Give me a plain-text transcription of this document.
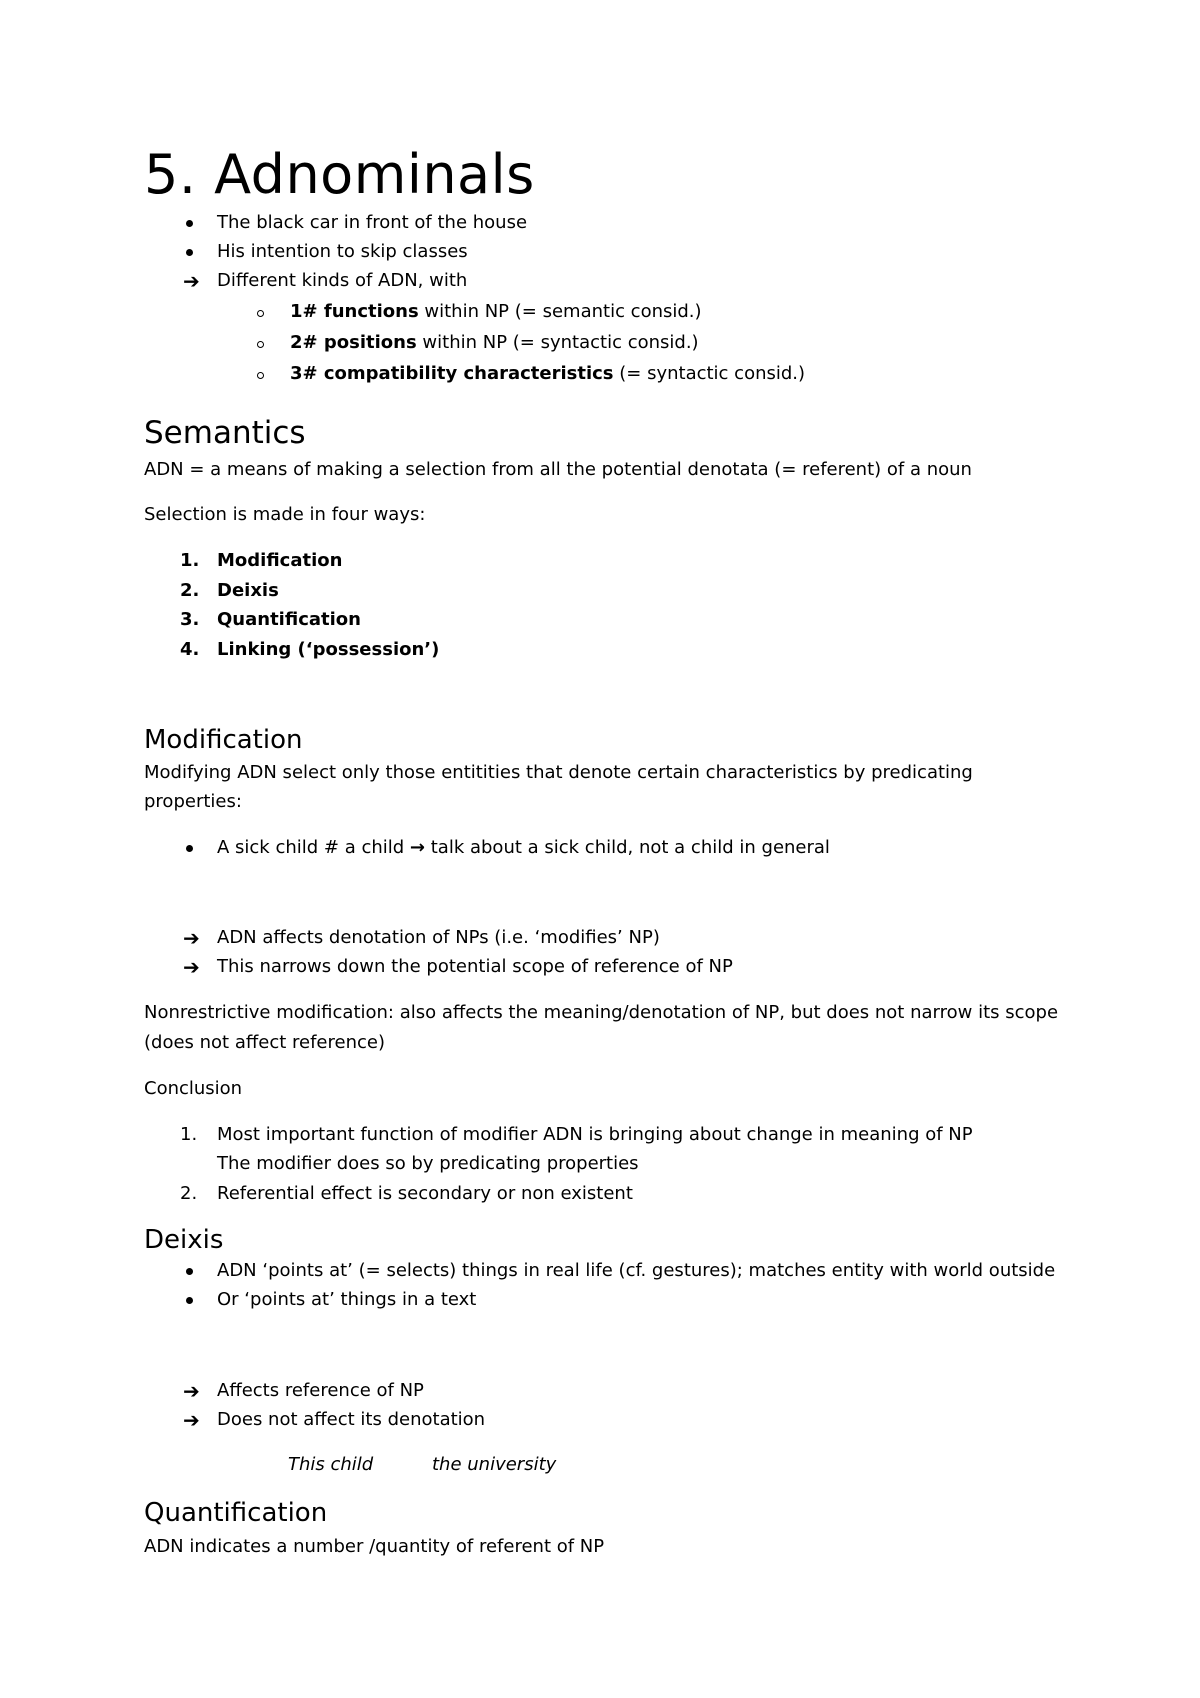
5. Adnominals
The black car in front of the house
His intention to skip classes
➔ Different kinds of ADN, with
1# functions within NP (= semantic consid.)
2# positions within NP (= syntactic consid.)
3# compatibility characteristics (= syntactic consid.)
Semantics
ADN = a means of making a selection from all the potential denotata (= referent) of a noun
Selection is made in four ways:
1. Modification
2. Deixis
3. Quantification
4. Linking (‘possession’)
Modification
Modifying ADN select only those entitities that denote certain characteristics by predicating
properties:
A sick child # a child → talk about a sick child, not a child in general
➔ ADN affects denotation of NPs (i.e. ‘modifies’ NP)
➔ This narrows down the potential scope of reference of NP
Nonrestrictive modification: also affects the meaning/denotation of NP, but does not narrow its scope
(does not affect reference)
Conclusion
1. Most important function of modifier ADN is bringing about change in meaning of NP
The modifier does so by predicating properties
2. Referential effect is secondary or non existent
Deixis
ADN ‘points at’ (= selects) things in real life (cf. gestures); matches entity with world outside
Or ‘points at’ things in a text
➔ Affects reference of NP
➔ Does not affect its denotation
This child	the university
Quantification
ADN indicates a number /quantity of referent of NP
